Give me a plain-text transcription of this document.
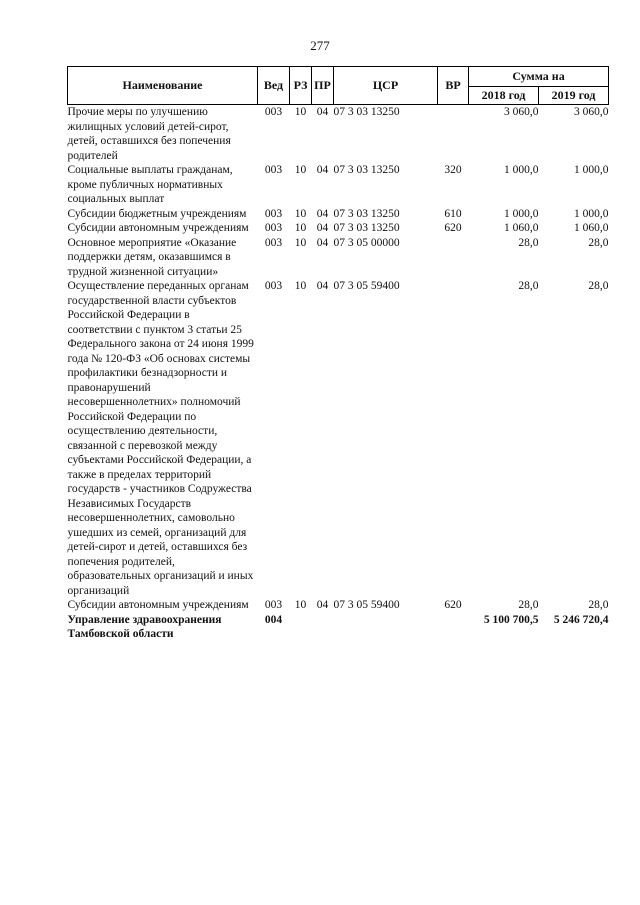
277
Наименование	Вед	РЗ	ПР	ЦСР	ВР	Сумма на	
						2018 год	2019 год
Прочие меры по улучшению жилищных условий детей-сирот, детей, оставшихся без попечения родителей	003	10	04	07 3 03 13250		3 060,0	3 060,0
Социальные выплаты гражданам, кроме публичных нормативных социальных выплат	003	10	04	07 3 03 13250	320	1 000,0	1 000,0
Субсидии бюджетным учреждениям	003	10	04	07 3 03 13250	610	1 000,0	1 000,0
Субсидии автономным учреждениям	003	10	04	07 3 03 13250	620	1 060,0	1 060,0
Основное мероприятие «Оказание поддержки детям, оказавшимся в трудной жизненной ситуации»	003	10	04	07 3 05 00000		28,0	28,0
Осуществление переданных органам государственной власти субъектов Российской Федерации в соответствии с пунктом 3 статьи 25 Федерального закона от 24 июня 1999 года № 120-ФЗ «Об основах системы профилактики безнадзорности и правонарушений несовершеннолетних» полномочий Российской Федерации по осуществлению деятельности, связанной с перевозкой между субъектами Российской Федерации, а также в пределах территорий государств - участников Содружества Независимых Государств несовершеннолетних, самовольно ушедших из семей, организаций для детей-сирот и детей, оставшихся без попечения родителей, образовательных организаций и иных организаций	003	10	04	07 3 05 59400		28,0	28,0
Субсидии автономным учреждениям	003	10	04	07 3 05 59400	620	28,0	28,0
Управление здравоохранения Тамбовской области	004					5 100 700,5	5 246 720,4
